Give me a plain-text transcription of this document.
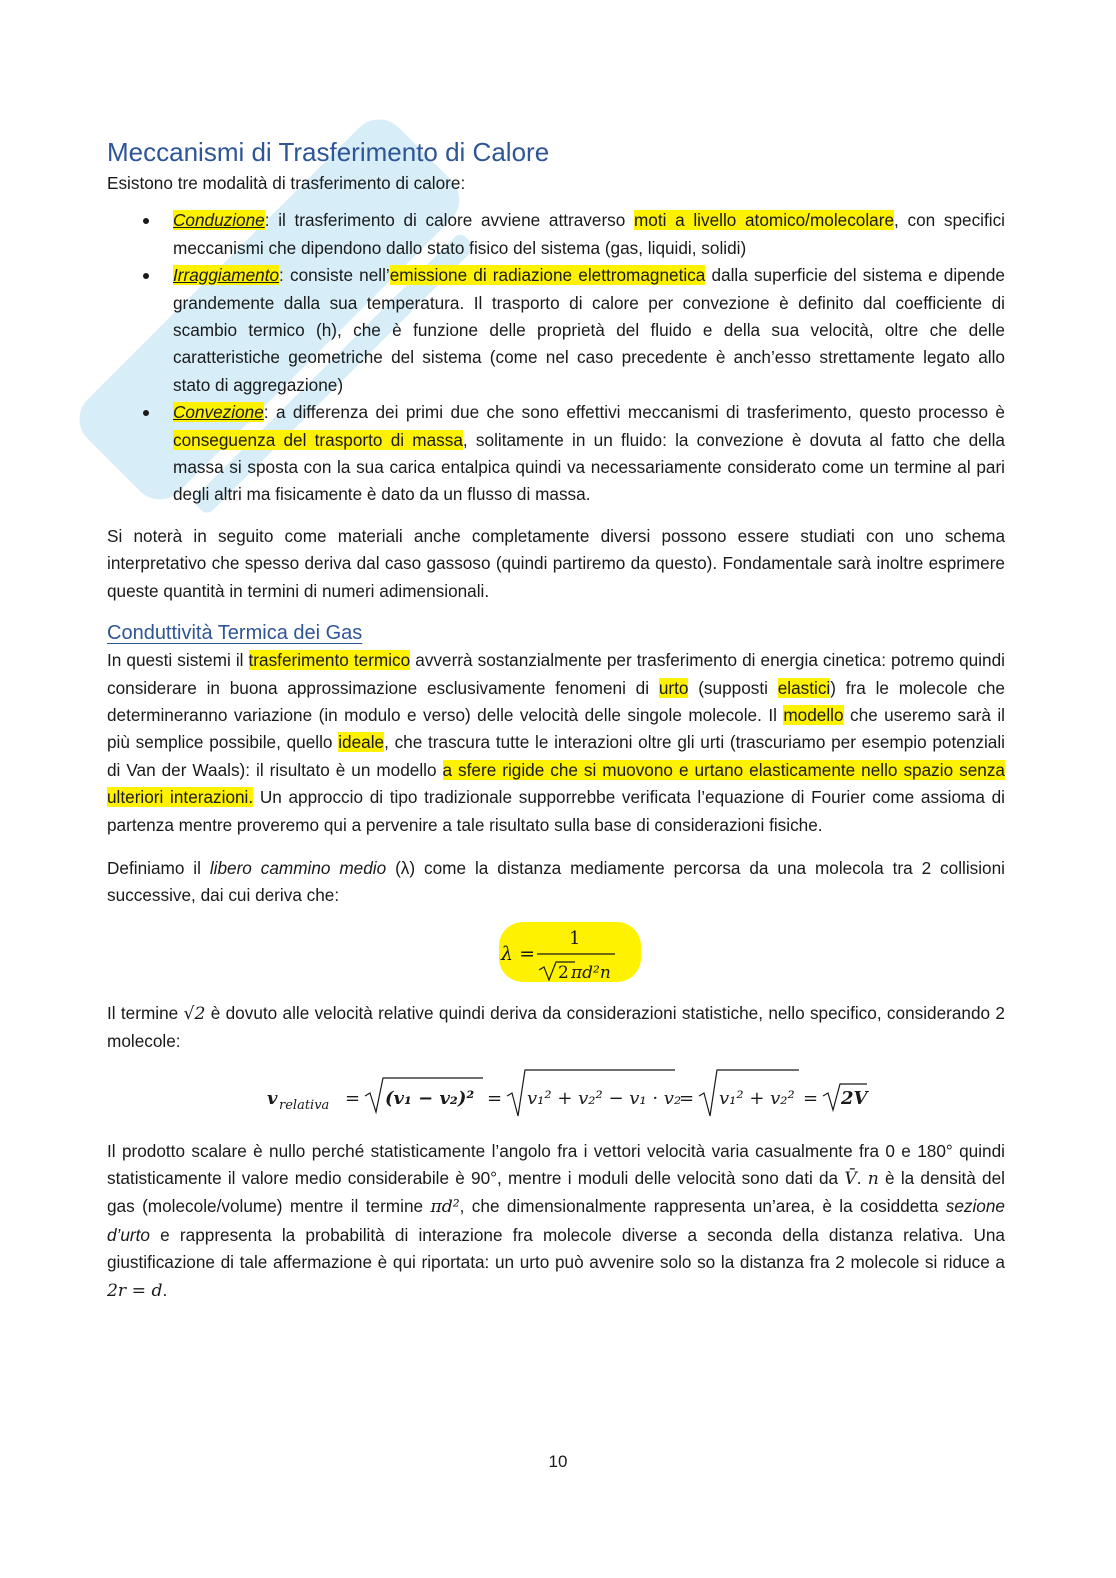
Meccanismi di Trasferimento di Calore

Esistono tre modalità di trasferimento di calore:

Conduzione: il trasferimento di calore avviene attraverso moti a livello atomico/molecolare, con specifici meccanismi che dipendono dallo stato fisico del sistema (gas, liquidi, solidi)
Irraggiamento: consiste nell’emissione di radiazione elettromagnetica dalla superficie del sistema e dipende grandemente dalla sua temperatura. Il trasporto di calore per convezione è definito dal coefficiente di scambio termico (h), che è funzione delle proprietà del fluido e della sua velocità, oltre che delle caratteristiche geometriche del sistema (come nel caso precedente è anch’esso strettamente legato allo stato di aggregazione)
Convezione: a differenza dei primi due che sono effettivi meccanismi di trasferimento, questo processo è conseguenza del trasporto di massa, solitamente in un fluido: la convezione è dovuta al fatto che della massa si sposta con la sua carica entalpica quindi va necessariamente considerato come un termine al pari degli altri ma fisicamente è dato da un flusso di massa.

Si noterà in seguito come materiali anche completamente diversi possono essere studiati con uno schema interpretativo che spesso deriva dal caso gassoso (quindi partiremo da questo). Fondamentale sarà inoltre esprimere queste quantità in termini di numeri adimensionali.

Conduttività Termica dei Gas

In questi sistemi il trasferimento termico avverrà sostanzialmente per trasferimento di energia cinetica: potremo quindi considerare in buona approssimazione esclusivamente fenomeni di urto (supposti elastici) fra le molecole che determineranno variazione (in modulo e verso) delle velocità delle singole molecole. Il modello che useremo sarà il più semplice possibile, quello ideale, che trascura tutte le interazioni oltre gli urti (trascuriamo per esempio potenziali di Van der Waals): il risultato è un modello a sfere rigide che si muovono e urtano elasticamente nello spazio senza ulteriori interazioni. Un approccio di tipo tradizionale supporrebbe verificata l’equazione di Fourier come assioma di partenza mentre proveremo qui a pervenire a tale risultato sulla base di considerazioni fisiche.

Definiamo il libero cammino medio (λ) come la distanza mediamente percorsa da una molecola tra 2 collisioni successive, dai cui deriva che:

λ =
1
2 πd²n

Il termine √2 è dovuto alle velocità relative quindi deriva da considerazioni statistiche, nello specifico, considerando 2 molecole:

v relativa = (v₁ − v₂)² = v₁² + v₂² − v₁ · v₂
= v₁² + v₂² = 2V

Il prodotto scalare è nullo perché statisticamente l’angolo fra i vettori velocità varia casualmente fra 0 e 180° quindi statisticamente il valore medio considerabile è 90°, mentre i moduli delle velocità sono dati da V̄. n è la densità del gas (molecole/volume) mentre il termine πd², che dimensionalmente rappresenta un’area, è la cosiddetta sezione d’urto e rappresenta la probabilità di interazione fra molecole diverse a seconda della distanza relativa. Una giustificazione di tale affermazione è qui riportata: un urto può avvenire solo so la distanza fra 2 molecole si riduce a 2r = d.

10
